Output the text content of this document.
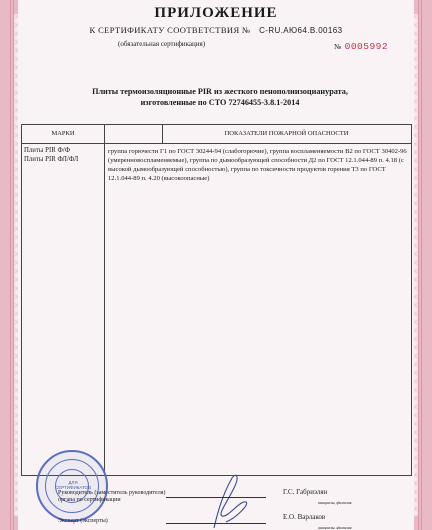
ПРИЛОЖЕНИЕ
К СЕРТИФИКАТУ СООТВЕТСТВИЯ № C-RU.АЮ64.В.00163
(обязательная сертификация)	№ 0005992
Плиты термоизоляционные PIR из жесткого пенополиизоцианурата,
изготовленные по СТО 72746455-3.8.1-2014
МАРКИ	ПОКАЗАТЕЛИ ПОЖАРНОЙ ОПАСНОСТИ
Плиты PIR Ф/Ф
Плиты PIR ФЛ/ФЛ
группа горючести Г1 по ГОСТ 30244-94 (слабогорючие), группа воспламеняемости В2 по ГОСТ 30402-96 (умеренновоспламеняемые), группа по дымообразующей способности Д2 по ГОСТ 12.1.044-89 п. 4.18 (с высокой дымообразующей способностью), группа по токсичности продуктов горения Т3 по ГОСТ 12.1.044-89 п. 4.20 (высокоопасные)
ДЛЯ СЕРТИФИКАТОВ
Руководитель (заместитель руководителя)
органа по сертификации
Г.С. Габриэлян
инициалы, фамилия
Эксперт (эксперты)	Е.О. Варлаков
инициалы, фамилия
